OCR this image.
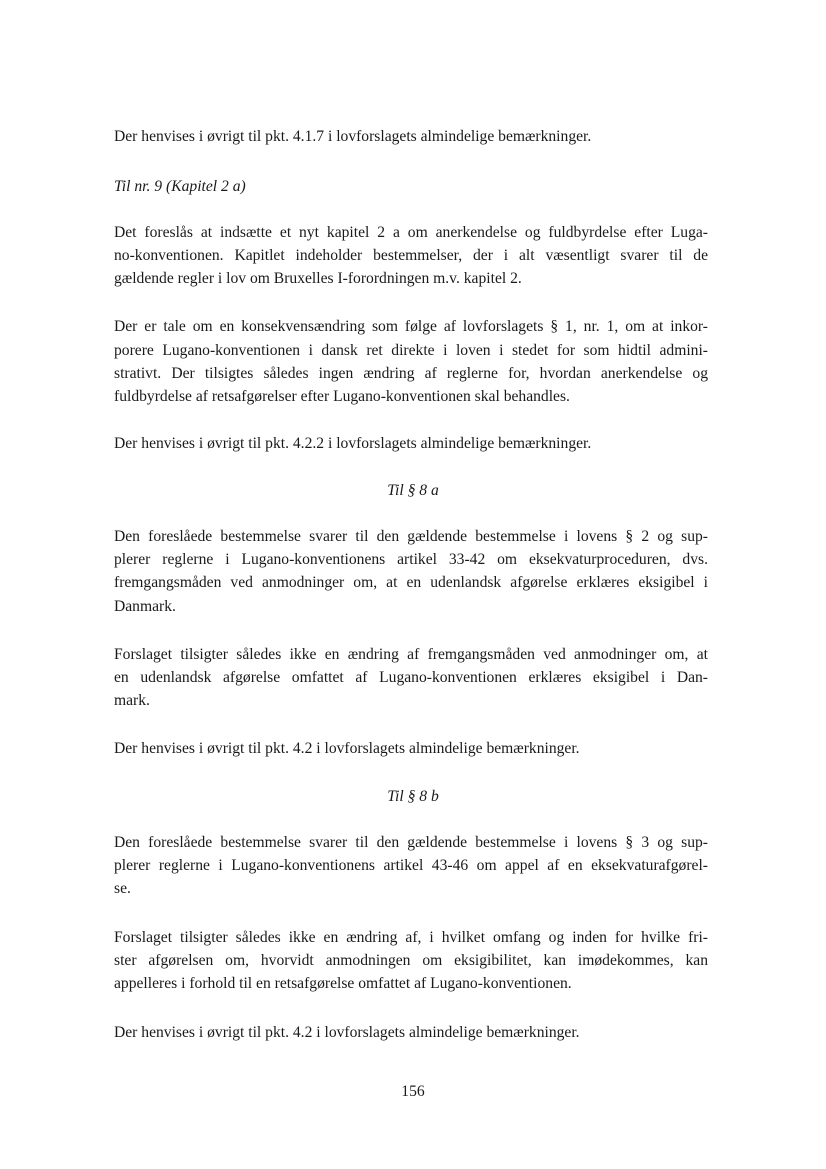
Der henvises i øvrigt til pkt. 4.1.7 i lovforslagets almindelige bemærkninger.
Til nr. 9 (Kapitel 2 a)
Det foreslås at indsætte et nyt kapitel 2 a om anerkendelse og fuldbyrdelse efter Luga-
no-konventionen. Kapitlet indeholder bestemmelser, der i alt væsentligt svarer til de
gældende regler i lov om Bruxelles I-forordningen m.v. kapitel 2.
Der er tale om en konsekvensændring som følge af lovforslagets § 1, nr. 1, om at inkor-
porere Lugano-konventionen i dansk ret direkte i loven i stedet for som hidtil admini-
strativt. Der tilsigtes således ingen ændring af reglerne for, hvordan anerkendelse og
fuldbyrdelse af retsafgørelser efter Lugano-konventionen skal behandles.
Der henvises i øvrigt til pkt. 4.2.2 i lovforslagets almindelige bemærkninger.
Til § 8 a
Den foreslåede bestemmelse svarer til den gældende bestemmelse i lovens § 2 og sup-
plerer reglerne i Lugano-konventionens artikel 33-42 om eksekvaturproceduren, dvs.
fremgangsmåden ved anmodninger om, at en udenlandsk afgørelse erklæres eksigibel i
Danmark.
Forslaget tilsigter således ikke en ændring af fremgangsmåden ved anmodninger om, at
en udenlandsk afgørelse omfattet af Lugano-konventionen erklæres eksigibel i Dan-
mark.
Der henvises i øvrigt til pkt. 4.2 i lovforslagets almindelige bemærkninger.
Til § 8 b
Den foreslåede bestemmelse svarer til den gældende bestemmelse i lovens § 3 og sup-
plerer reglerne i Lugano-konventionens artikel 43-46 om appel af en eksekvaturafgørel-
se.
Forslaget tilsigter således ikke en ændring af, i hvilket omfang og inden for hvilke fri-
ster afgørelsen om, hvorvidt anmodningen om eksigibilitet, kan imødekommes, kan
appelleres i forhold til en retsafgørelse omfattet af Lugano-konventionen.
Der henvises i øvrigt til pkt. 4.2 i lovforslagets almindelige bemærkninger.
156
